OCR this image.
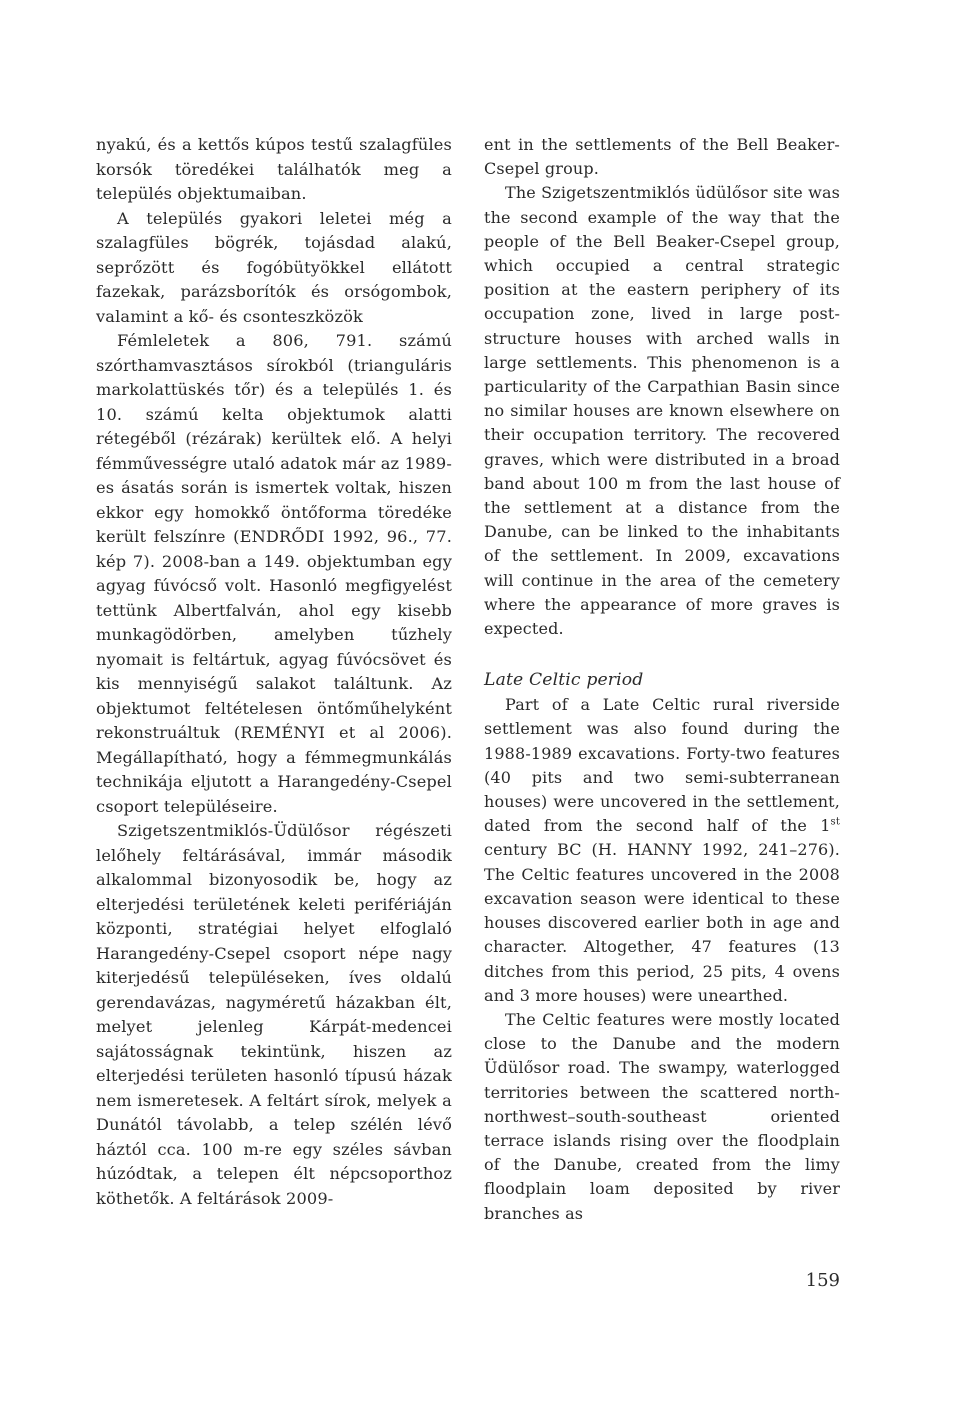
nyakú, és a kettős kúpos testű szalagfüles korsók töredékei találhatók meg a település objektumaiban.

A település gyakori leletei még a szalagfüles bögrék, tojásdad alakú, seprőzött és fogóbütyökkel ellátott fazekak, parázsborítók és orsógombok, valamint a kő- és csonteszközök

Fémleletek a 806, 791. számú szórthamvasztásos sírokból (trianguláris markolattüskés tőr) és a település 1. és 10. számú kelta objektumok alatti rétegéből (rézárak) kerültek elő. A helyi fémművességre utaló adatok már az 1989-es ásatás során is ismertek voltak, hiszen ekkor egy homokkő öntőforma töredéke került felszínre (ENDRŐDI 1992, 96., 77. kép 7). 2008-ban a 149. objektumban egy agyag fúvócső volt. Hasonló megfigyelést tettünk Albertfalván, ahol egy kisebb munkagödörben, amelyben tűzhely nyomait is feltártuk, agyag fúvócsövet és kis mennyiségű salakot találtunk. Az objektumot feltételesen öntőműhelyként rekonstruáltuk (REMÉNYI et al 2006). Megállapítható, hogy a fémmegmunkálás technikája eljutott a Harangedény-Csepel csoport településeire.

Szigetszentmiklós-Üdülősor régészeti lelőhely feltárásával, immár második alkalommal bizonyosodik be, hogy az elterjedési területének keleti perifériáján központi, stratégiai helyet elfoglaló Harangedény-Csepel csoport népe nagy kiterjedésű településeken, íves oldalú gerendavázas, nagyméretű házakban élt, melyet jelenleg Kárpát-medencei sajátosságnak tekintünk, hiszen az elterjedési területen hasonló típusú házak nem ismeretesek. A feltárt sírok, melyek a Dunától távolabb, a telep szélén lévő háztól cca. 100 m-re egy széles sávban húzódtak, a telepen élt népcsoporthoz köthetők. A feltárások 2009-

ent in the settlements of the Bell Beaker-Csepel group.

The Szigetszentmiklós üdülősor site was the second example of the way that the people of the Bell Beaker-Csepel group, which occupied a central strategic position at the eastern periphery of its occupation zone, lived in large post-structure houses with arched walls in large settlements. This phenomenon is a particularity of the Carpathian Basin since no similar houses are known elsewhere on their occupation territory. The recovered graves, which were distributed in a broad band about 100 m from the last house of the settlement at a distance from the Danube, can be linked to the inhabitants of the settlement. In 2009, excavations will continue in the area of the cemetery where the appearance of more graves is expected.

Late Celtic period

Part of a Late Celtic rural riverside settlement was also found during the 1988-1989 excavations. Forty-two features (40 pits and two semi-subterranean houses) were uncovered in the settlement, dated from the second half of the 1st century BC (H. HANNY 1992, 241–276). The Celtic features uncovered in the 2008 excavation season were identical to these houses discovered earlier both in age and character. Altogether, 47 features (13 ditches from this period, 25 pits, 4 ovens and 3 more houses) were unearthed.

The Celtic features were mostly located close to the Danube and the modern Üdülősor road. The swampy, waterlogged territories between the scattered north-northwest–south-southeast oriented terrace islands rising over the floodplain of the Danube, created from the limy floodplain loam deposited by river branches as

159
